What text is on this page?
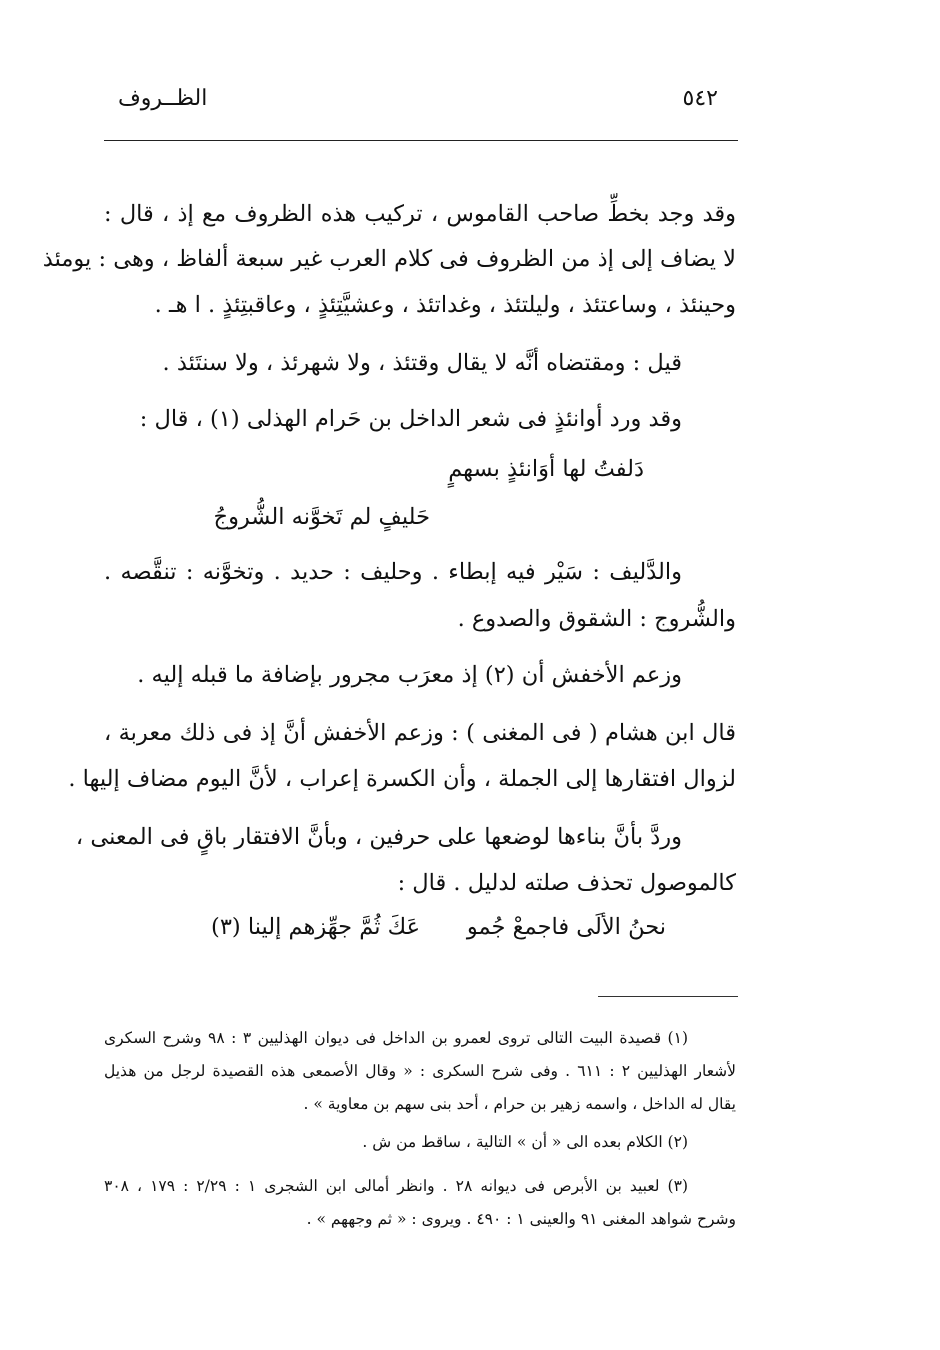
الظــروف	٥٤٢
وقد وجد بخطِّ صاحب القاموس ، تركيب هذه الظروف مع إذ ، قال :
لا يضاف إلى إذ من الظروف فى كلام العرب غير سبعة ألفاظ ، وهى : يومئذ
وحينئذ ، وساعتئذ ، وليلتئذ ، وغداتئذ ، وعشيَّتِئذٍ ، وعاقبتِئذٍ . ا هـ .
قيل : ومقتضاه أنَّه لا يقال وقتئذ ، ولا شهرئذ ، ولا سنتَئذ .
وقد ورد أوانئذٍ فى شعر الداخل بن حَرام الهذلى (١) ، قال :
دَلفتُ لها أوَانئذٍ بسهمٍ
حَليفٍ لم تَخوَّنه الشُّروجُ
والدَّليف : سَيْر فيه إبطاء . وحليف : حديد . وتخوَّنه : تنقَّصه .
والشُّروج : الشقوق والصدوع .
وزعم الأخفش أن (٢) إذ معرَب مجرور بإضافة ما قبله إليه .
قال ابن هشام ( فى المغنى ) : وزعم الأخفش أنَّ إذ فى ذلك معربة ،
لزوال افتقارها إلى الجملة ، وأن الكسرة إعراب ، لأنَّ اليوم مضاف إليها .
وردَّ بأنَّ بناءها لوضعها على حرفين ، وبأنَّ الافتقار باقٍ فى المعنى ،
كالموصول تحذف صلته لدليل . قال :
نحنُ الألَى فاجمعْ جُمو
عَكَ ثُمَّ جهِّزهم إلينا (٣)
(١) قصيدة البيت التالى تروى لعمرو بن الداخل فى ديوان الهذليين ٣ : ٩٨ وشرح السكرى
لأشعار الهذليين ٢ : ٦١١ . وفى شرح السكرى : « وقال الأصمعى هذه القصيدة لرجل من هذيل
يقال له الداخل ، واسمه زهير بن حرام ، أحد بنى سهم بن معاوية » .
(٢) الكلام بعده الى « أن » التالية ، ساقط من ش .
(٣) لعبيد بن الأبرص فى ديوانه ٢٨ . وانظر أمالى ابن الشجرى ١ : ٢/٢٩ : ١٧٩ ، ٣٠٨
وشرح شواهد المغنى ٩١ والعينى ١ : ٤٩٠ . ويروى : « ثم وجههم » .
